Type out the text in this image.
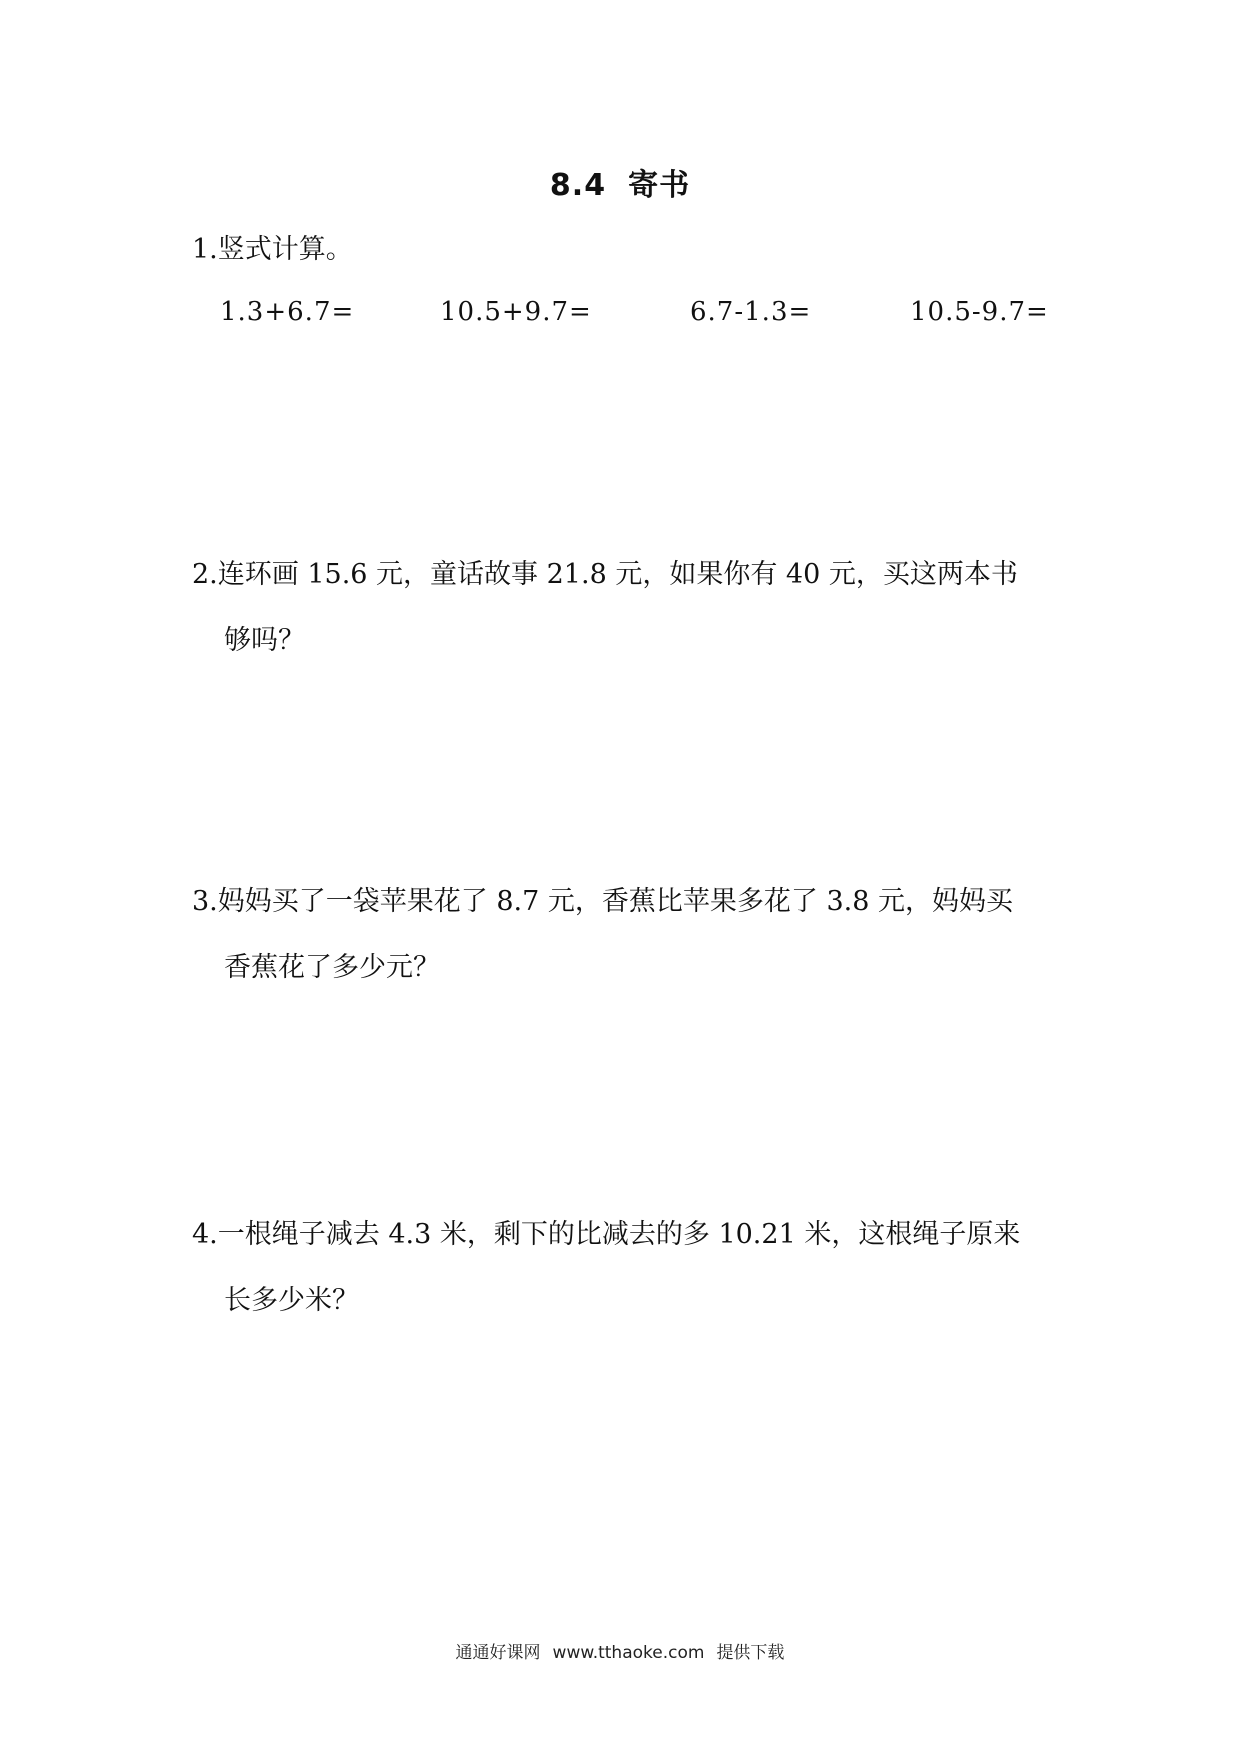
8.4 寄书
1.竖式计算。
1.3+6.7=	10.5+9.7=	6.7-1.3=	10.5-9.7=
2.连环画 15.6 元，童话故事 21.8 元，如果你有 40 元，买这两本书
够吗？
3.妈妈买了一袋苹果花了 8.7 元，香蕉比苹果多花了 3.8 元，妈妈买
香蕉花了多少元？
4.一根绳子减去 4.3 米，剩下的比减去的多 10.21 米，这根绳子原来
长多少米？
通通好课网 www.tthaoke.com 提供下载
